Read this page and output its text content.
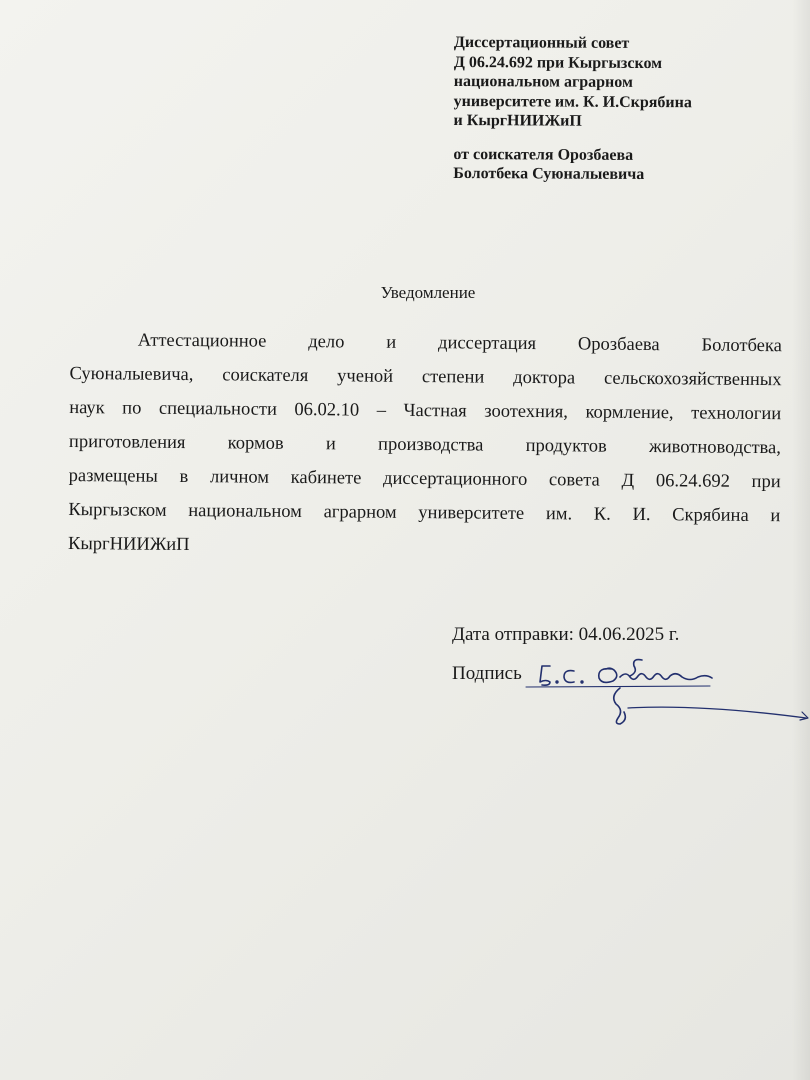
Диссертационный совет
Д 06.24.692 при Кыргызском
национальном аграрном
университете им. К. И.Скрябина
и КыргНИИЖиП
от соискателя Орозбаева
Болотбека Суюналыевича
Уведомление
Аттестационное дело и диссертация Орозбаева Болотбека
Суюналыевича, соискателя ученой степени доктора сельскохозяйственных
наук по специальности 06.02.10 – Частная зоотехния, кормление, технологии
приготовления кормов и производства продуктов животноводства,
размещены в личном кабинете диссертационного совета Д 06.24.692 при
Кыргызском национальном аграрном университете им. К. И. Скрябина и
КыргНИИЖиП
Дата отправки: 04.06.2025 г.
Подпись
